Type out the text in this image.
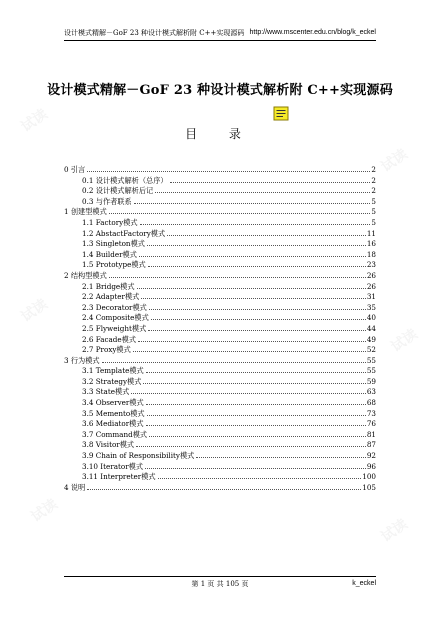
试读
试读
试读
试读
试读
试读
设计模式精解－GoF 23 种设计模式解析附 C++实现源码 http://www.mscenter.edu.cn/blog/k_eckel
设计模式精解－GoF 23 种设计模式解析附 C++实现源码
目 录
0 引言	2
0.1 设计模式解析（总序）	2
0.2 设计模式解析后记	2
0.3 与作者联系	5
1 创建型模式	5
1.1 Factory模式	5
1.2 AbstactFactory模式	11
1.3 Singleton模式	16
1.4 Builder模式	18
1.5 Prototype模式	23
2 结构型模式	26
2.1 Bridge模式	26
2.2 Adapter模式	31
2.3 Decorator模式	35
2.4 Composite模式	40
2.5 Flyweight模式	44
2.6 Facade模式	49
2.7 Proxy模式	52
3 行为模式	55
3.1 Template模式	55
3.2 Strategy模式	59
3.3 State模式	63
3.4 Observer模式	68
3.5 Memento模式	73
3.6 Mediator模式	76
3.7 Command模式	81
3.8 Visitor模式	87
3.9 Chain of Responsibility模式	92
3.10 Iterator模式	96
3.11 Interpreter模式	100
4 说明	105
第 1 页 共 105 页	k_eckel
